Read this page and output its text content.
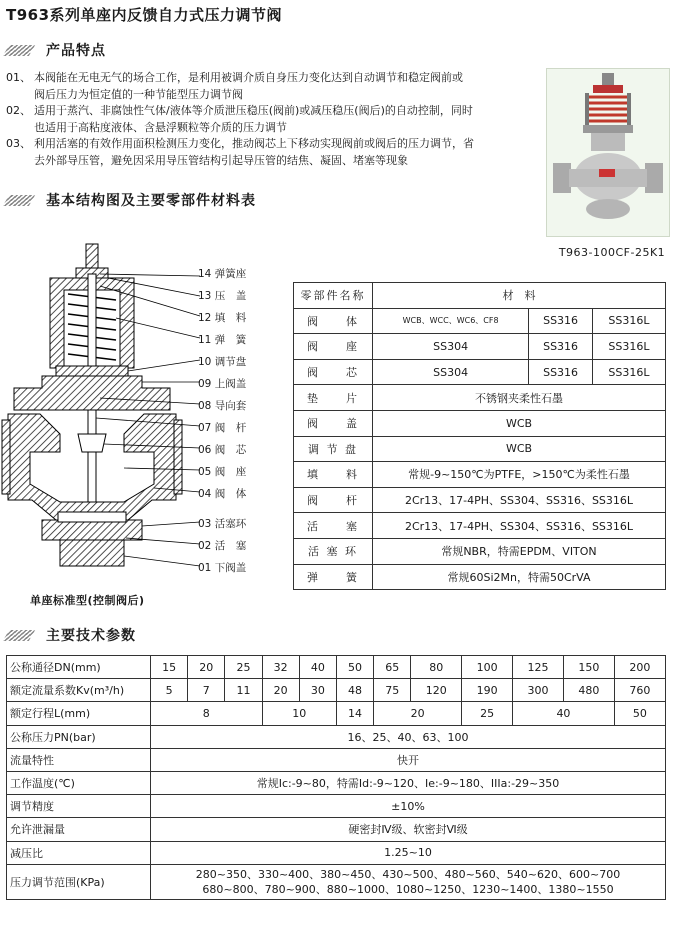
T963系列单座内反馈自力式压力调节阀
产品特点
01、 本阀能在无电无气的场合工作，是利用被调介质自身压力变化达到自动调节和稳定阀前或
阀后压力为恒定值的一种节能型压力调节阀
02、 适用于蒸汽、非腐蚀性气体/液体等介质泄压稳压(阀前)或减压稳压(阀后)的自动控制，同时
也适用于高粘度液体、含悬浮颗粒等介质的压力调节
03、 利用活塞的有效作用面积检测压力变化，推动阀芯上下移动实现阀前或阀后的压力调节，省
去外部导压管，避免因采用导压管结构引起导压管的结焦、凝固、堵塞等现象
T963-100CF-25K1
基本结构图及主要零部件材料表
14 弹簧座
13 压　盖
12 填　料
11 弹　簧
10 调节盘
09 上阀盖
08 导向套
07 阀　杆
06 阀　芯
05 阀　座
04 阀　体
03 活塞环
02 活　塞
01 下阀盖
单座标准型(控制阀后)
零部件名称	材　料		
阀　　体	WCB、WCC、WC6、CF8	SS316	SS316L
阀　　座	SS304	SS316	SS316L
阀　　芯	SS304	SS316	SS316L
垫　　片	不锈钢夹柔性石墨		
阀　　盖	WCB		
调 节 盘	WCB		
填　　料	常规-9~150℃为PTFE，>150℃为柔性石墨		
阀　　杆	2Cr13、17-4PH、SS304、SS316、SS316L		
活　　塞	2Cr13、17-4PH、SS304、SS316、SS316L		
活 塞 环	常规NBR，特需EPDM、VITON		
弹　　簧	常规60Si2Mn，特需50CrVA		
主要技术参数
公称通径DN(mm)	15	20	25	32	40	50	65	80	100	125	150	200
额定流量系数Kv(m³/h)	5	7	11	20	30	48	75	120	190	300	480	760
额定行程L(mm)	8			10		14	20		25	40		50
公称压力PN(bar)	16、25、40、63、100											
流量特性	快开											
工作温度(℃)	常规Ic:-9~80，特需Id:-9~120、Ie:-9~180、IIIa:-29~350											
调节精度	±10%											
允许泄漏量	硬密封Ⅳ级、软密封Ⅵ级											
减压比	1.25~10											
压力调节范围(KPa)	280~350、330~400、380~450、430~500、480~560、540~620、600~700
680~800、780~900、880~1000、1080~1250、1230~1400、1380~1550											
